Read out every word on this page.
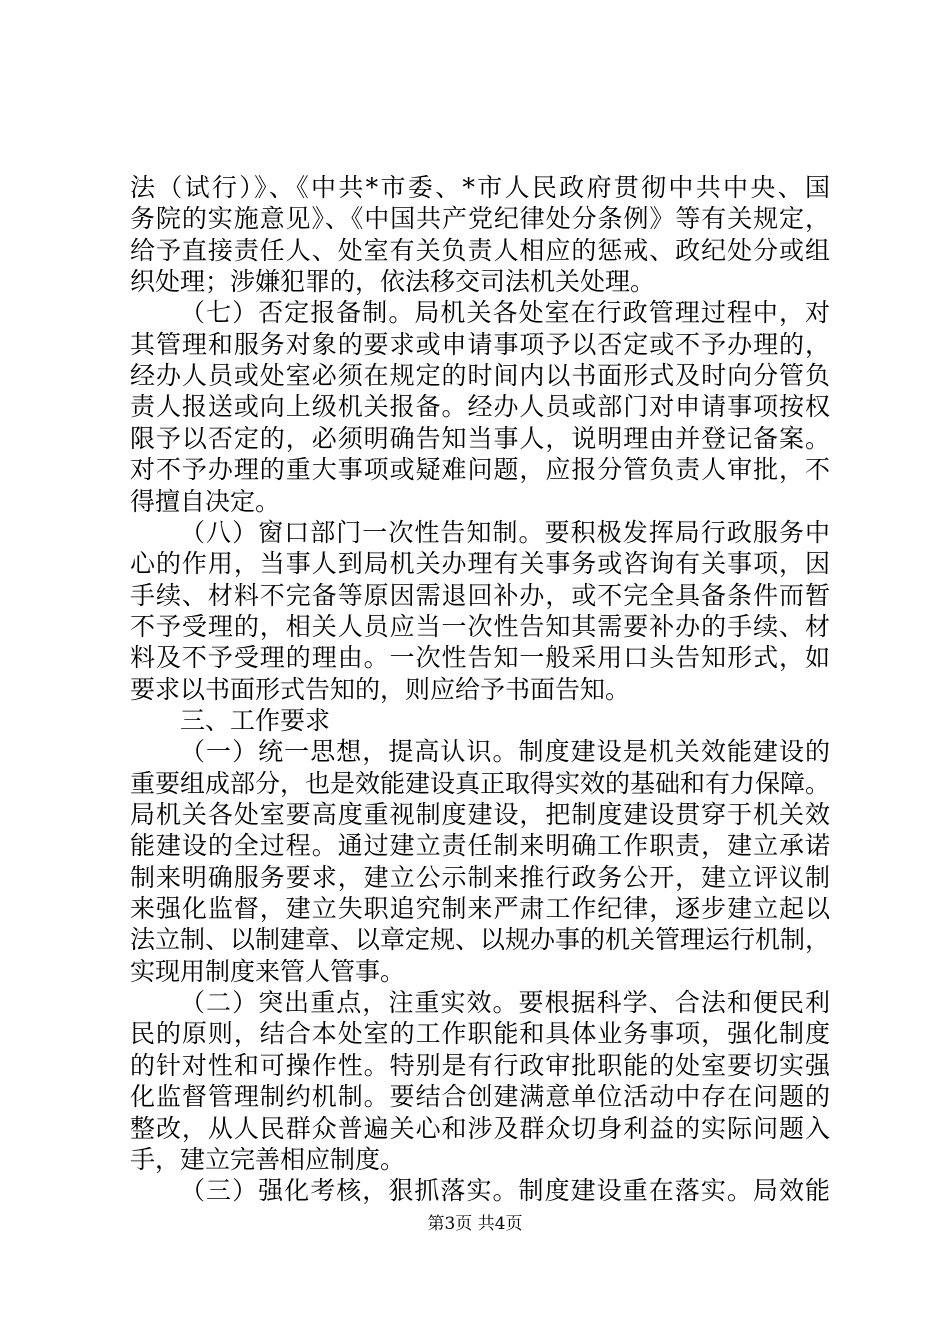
法（试行）》、《中共*市委、*市人民政府贯彻中共中央、国
务院的实施意见》、《中国共产党纪律处分条例》等有关规定，
给予直接责任人、处室有关负责人相应的惩戒、政纪处分或组
织处理；涉嫌犯罪的，依法移交司法机关处理。
（七）否定报备制。局机关各处室在行政管理过程中，对
其管理和服务对象的要求或申请事项予以否定或不予办理的，
经办人员或处室必须在规定的时间内以书面形式及时向分管负
责人报送或向上级机关报备。经办人员或部门对申请事项按权
限予以否定的，必须明确告知当事人，说明理由并登记备案。
对不予办理的重大事项或疑难问题，应报分管负责人审批，不
得擅自决定。
（八）窗口部门一次性告知制。要积极发挥局行政服务中
心的作用，当事人到局机关办理有关事务或咨询有关事项，因
手续、材料不完备等原因需退回补办，或不完全具备条件而暂
不予受理的，相关人员应当一次性告知其需要补办的手续、材
料及不予受理的理由。一次性告知一般采用口头告知形式，如
要求以书面形式告知的，则应给予书面告知。
三、工作要求
（一）统一思想，提高认识。制度建设是机关效能建设的
重要组成部分，也是效能建设真正取得实效的基础和有力保障。
局机关各处室要高度重视制度建设，把制度建设贯穿于机关效
能建设的全过程。通过建立责任制来明确工作职责，建立承诺
制来明确服务要求，建立公示制来推行政务公开，建立评议制
来强化监督，建立失职追究制来严肃工作纪律，逐步建立起以
法立制、以制建章、以章定规、以规办事的机关管理运行机制，
实现用制度来管人管事。
（二）突出重点，注重实效。要根据科学、合法和便民利
民的原则，结合本处室的工作职能和具体业务事项，强化制度
的针对性和可操作性。特别是有行政审批职能的处室要切实强
化监督管理制约机制。要结合创建满意单位活动中存在问题的
整改，从人民群众普遍关心和涉及群众切身利益的实际问题入
手，建立完善相应制度。
（三）强化考核，狠抓落实。制度建设重在落实。局效能
第3页 共4页
